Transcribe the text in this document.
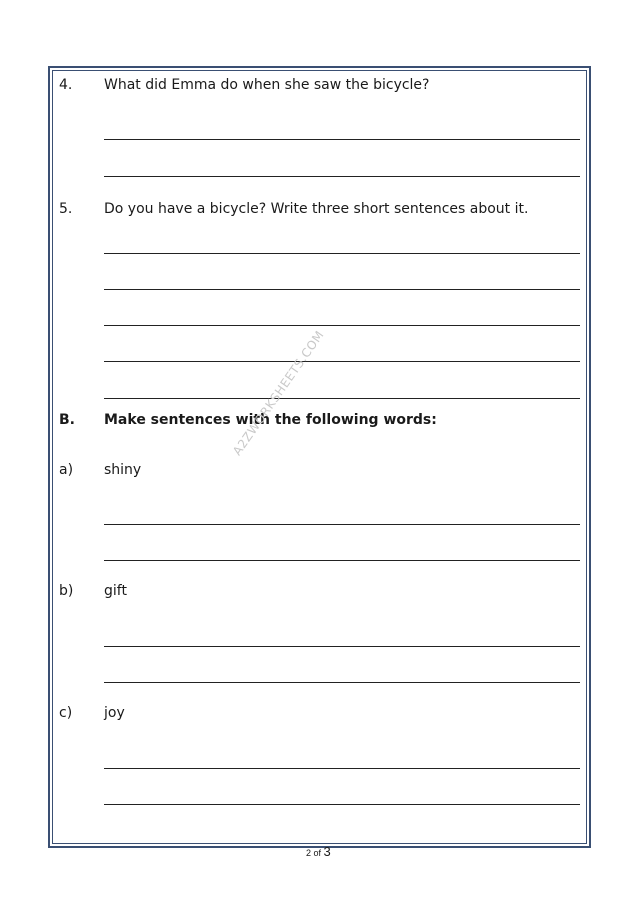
4. What did Emma do when she saw the bicycle?
5. Do you have a bicycle? Write three short sentences about it.
B. Make sentences with the following words:
A2ZWORKSHEETS.COM
a) shiny
b) gift
c) joy
2 of 3
